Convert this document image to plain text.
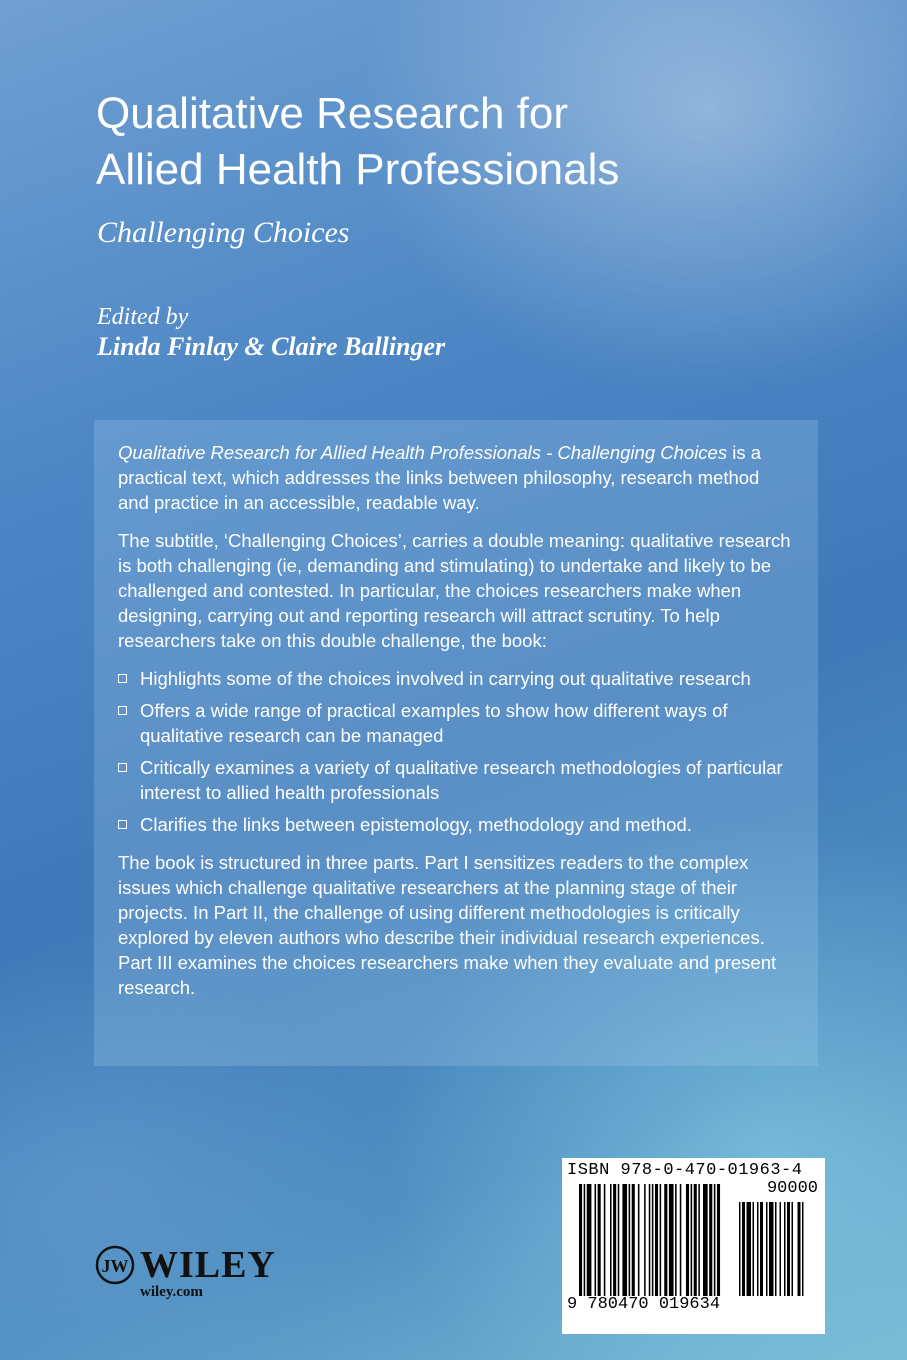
Qualitative Research for
Allied Health Professionals

Challenging Choices

Edited by

Linda Finlay & Claire Ballinger

Qualitative Research for Allied Health Professionals - Challenging Choices is a practical text, which addresses the links between philosophy, research method and practice in an accessible, readable way.

The subtitle, ‘Challenging Choices’, carries a double meaning: qualitative research is both challenging (ie, demanding and stimulating) to undertake and likely to be challenged and contested. In particular, the choices researchers make when designing, carrying out and reporting research will attract scrutiny. To help researchers take on this double challenge, the book:

Highlights some of the choices involved in carrying out qualitative research
Offers a wide range of practical examples to show how different ways of qualitative research can be managed
Critically examines a variety of qualitative research methodologies of particular interest to allied health professionals
Clarifies the links between epistemology, methodology and method.

The book is structured in three parts. Part I sensitizes readers to the complex issues which challenge qualitative researchers at the planning stage of their projects. In Part II, the challenge of using different methodologies is critically explored by eleven authors who describe their individual research experiences. Part III examines the choices researchers make when they evaluate and present research.

ISBN 978-0-470-01963-4
90000
9 780470 019634
JW WILEY
wiley.com
